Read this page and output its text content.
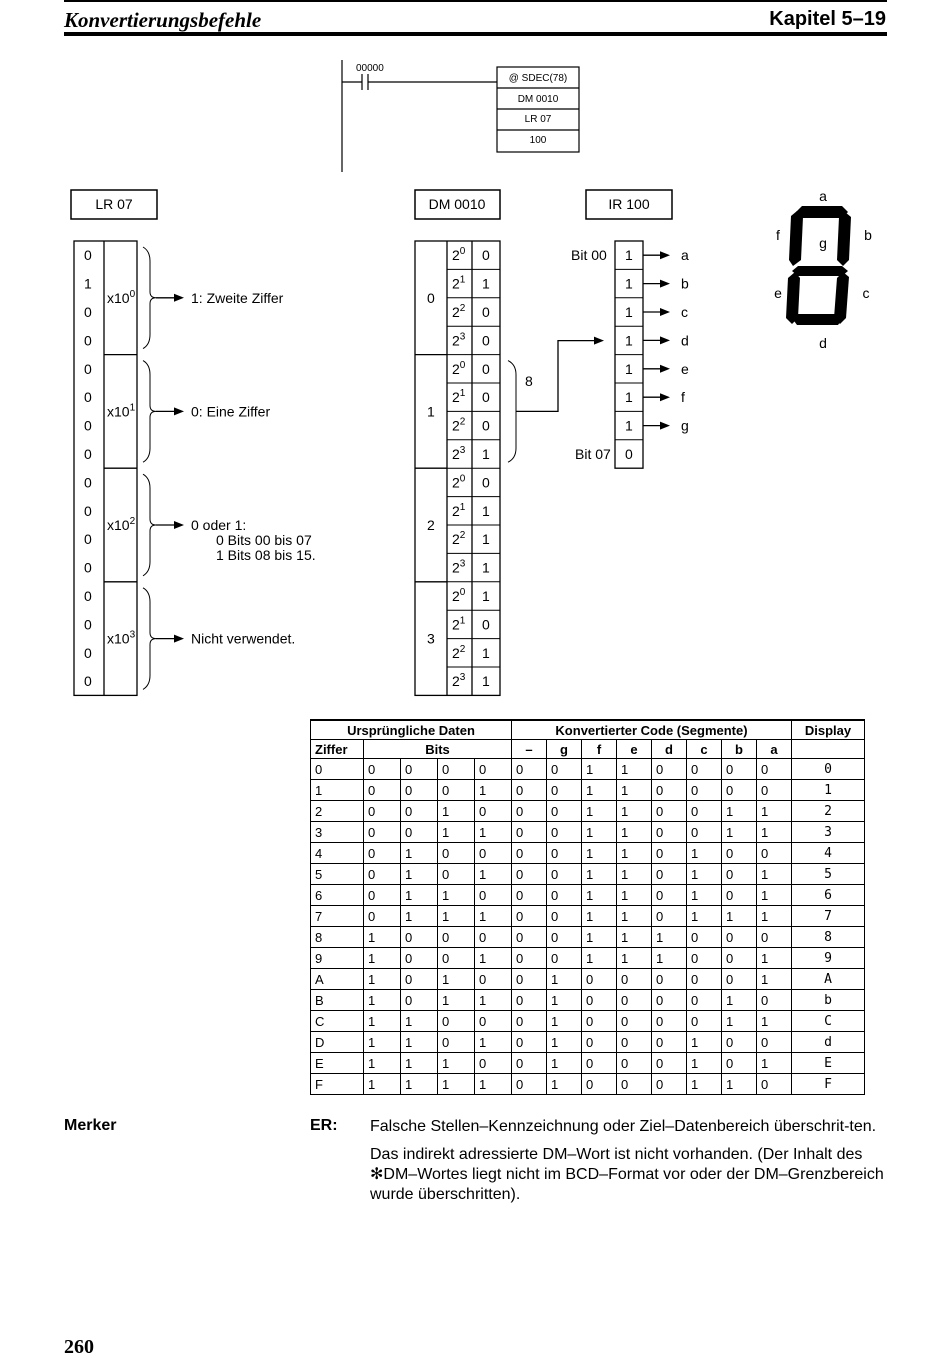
Konvertierungsbefehle	Kapitel 5–19
00000
@ SDEC(78)
DM 0010
LR 07
100
LR 07	DM 0010	IR 100
0
1
0
0
0
0
0
0
0
0
0
0
0
0
0
0
$x10^0$	1: Zweite Ziffer
$x10^1$	0: Eine Ziffer
$x10^2$	0 oder 1:
0 Bits 00 bis 07
1 Bits 08 bis 15.
$x10^3$	Nicht verwendet.
$2^0$ 0
$2^1$ 1
$2^2$ 0
$2^3$ 0
$2^0$ 0
$2^1$ 0
$2^2$ 0
$2^3$ 1
$2^0$ 0
$2^1$ 1
$2^2$ 1
$2^3$ 1
$2^0$ 1
$2^1$ 0
$2^2$ 1
$2^3$ 1
0
1
2
3
8
1	a
1	b
1	c
1	d
1	e
1	f
1	g
0
Bit 00
Bit 07
a
b
c
d
e
f	g
Ursprüngliche Daten					Konvertierter Code (Segmente)								Display
Ziffer	Bits				–	g	f	e	d	c	b	a	
0	0	0	0	0	0	0	1	1	0	0	0	0	0
1	0	0	0	1	0	0	1	1	0	0	0	0	1
2	0	0	1	0	0	0	1	1	0	0	1	1	2
3	0	0	1	1	0	0	1	1	0	0	1	1	3
4	0	1	0	0	0	0	1	1	0	1	0	0	4
5	0	1	0	1	0	0	1	1	0	1	0	1	5
6	0	1	1	0	0	0	1	1	0	1	0	1	6
7	0	1	1	1	0	0	1	1	0	1	1	1	7
8	1	0	0	0	0	0	1	1	1	0	0	0	8
9	1	0	0	1	0	0	1	1	1	0	0	1	9
A	1	0	1	0	0	1	0	0	0	0	0	1	A
B	1	0	1	1	0	1	0	0	0	0	1	0	b
C	1	1	0	0	0	1	0	0	0	0	1	1	C
D	1	1	0	1	0	1	0	0	0	1	0	0	d
E	1	1	1	0	0	1	0	0	0	1	0	1	E
F	1	1	1	1	0	1	0	0	0	1	1	0	F
Merker	ER: Falsche Stellen–Kennzeichnung oder Ziel–Datenbereich überschrit-ten.

Das indirekt adressierte DM–Wort ist nicht vorhanden. (Der Inhalt des ✻DM–Wortes liegt nicht im BCD–Format vor oder der DM–Grenzbereich wurde überschritten).

260
